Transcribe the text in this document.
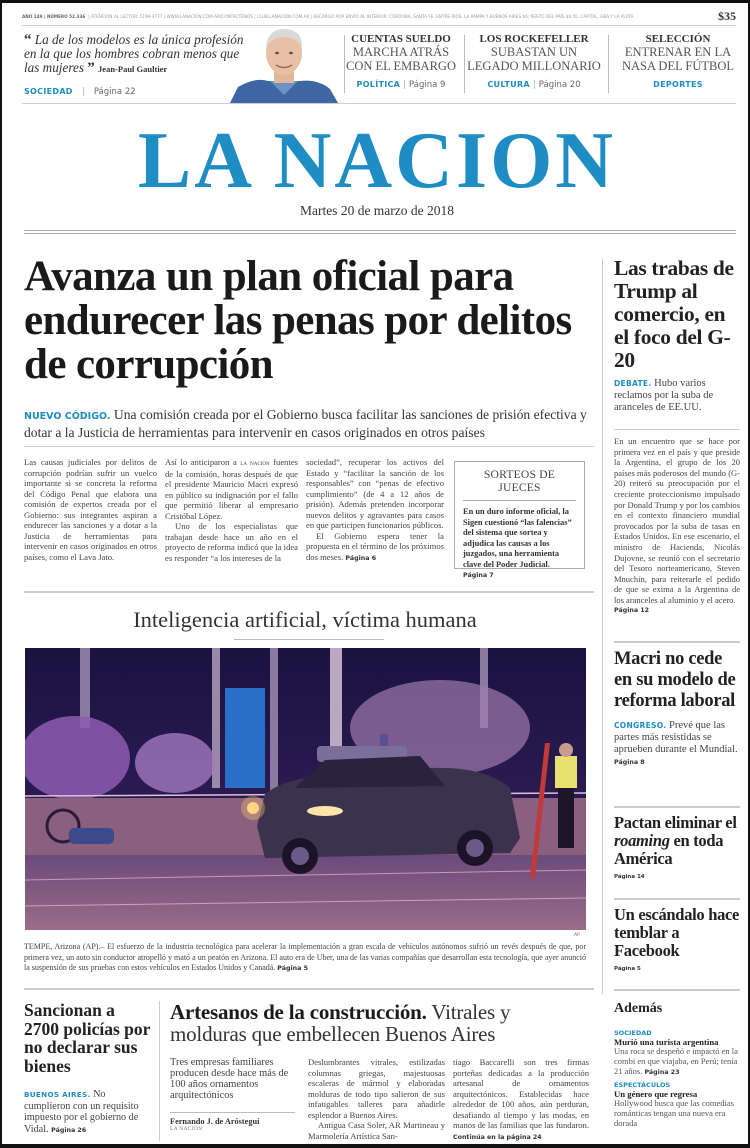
AÑO 149 | NÚMERO 52.336 | ATENCIÓN AL LECTOR: 5199-4777 | WWW.LANACION.COM.AR/CONTACTENOS | CLUB.LANACION.COM.AR | RECARGO POR ENVÍO AL INTERIOR: CÓRDOBA, SANTA FE, ENTRE RÍOS, LA PAMPA Y BUENOS AIRES $6; RESTO DEL PAÍS $6,50. CAPITAL, GBA Y LA PLATA	$35
“ La de los modelos es la única profesión en la que los hombres cobran menos que las mujeres ” Jean-Paul Gaultier
SOCIEDAD | Página 22
CUENTAS SUELDO
MARCHA ATRÁS CON EL EMBARGO
POLÍTICA | Página 9
LOS ROCKEFELLER
SUBASTAN UN LEGADO MILLONARIO
CULTURA | Página 20
SELECCIÓN
ENTRENAR EN LA NASA DEL FÚTBOL
DEPORTES
LA NACION
Martes 20 de marzo de 2018
Avanza un plan oficial para endurecer las penas por delitos de corrupción
NUEVO CÓDIGO. Una comisión creada por el Gobierno busca facilitar las sanciones de prisión efectiva y dotar a la Justicia de herramientas para intervenir en casos originados en otros países

Las causas judiciales por delitos de corrupción podrían sufrir un vuelco importante si se concreta la reforma del Código Penal que elabora una comisión de expertos creada por el Gobierno: sus integrantes aspiran a endurecer las sanciones y a dotar a la Justicia de herramientas para intervenir en casos originados en otros países, como el Lava Jato.

Así lo anticiparon a la nacion fuentes de la comisión, horas después de que el presidente Mauricio Macri expresó en público su indignación por el fallo que permitió liberar al empresario Cristóbal López.

Uno de los especialistas que trabajan desde hace un año en el proyecto de reforma indicó que la idea es responder “a los intereses de la

sociedad”, recuperar los activos del Estado y “facilitar la sanción de los responsables” con “penas de efectivo cumplimiento” (de 4 a 12 años de prisión). Además pretenden incorporar nuevos delitos y agravantes para casos en que participen funcionarios públicos.

El Gobierno espera tener la propuesta en el término de los próximos dos meses. Página 6

SORTEOS DE JUECES
En un duro informe oficial, la Sigen cuestionó “las falencias” del sistema que sortea y adjudica las causas a los juzgados, una herramienta clave del Poder Judicial. Página 7
Las trabas de Trump al comercio, en el foco del G-20
DEBATE. Hubo varios reclamos por la suba de aranceles de EE.UU.

En un encuentro que se hace por primera vez en el país y que preside la Argentina, el grupo de los 20 países más poderosos del mundo (G-20) reiteró su preocupación por el creciente proteccionismo impulsado por Donald Trump y por los cambios en el contexto financiero mundial provocados por la suba de tasas en Estados Unidos. En ese escenario, el ministro de Hacienda, Nicolás Dujovne, se reunió con el secretario del Tesoro norteamericano, Steven Mnuchin, para reiterarle el pedido de que se exima a la Argentina de los aranceles al aluminio y el acero.

Página 12

Macri no cede en su modelo de reforma laboral
CONGRESO. Prevé que las partes más resistidas se aprueben durante el Mundial. Página 8
Pactan eliminar el roaming en toda América
Página 14
Un escándalo hace temblar a Facebook
Página 5
Además
SOCIEDAD
Murió una turista argentina
Una roca se despeñó e impactó en la combi en que viajaba, en Perú; tenía 21 años. Página 23
ESPECTÁCULOS
Un género que regresa
Hollywood busca que las comedias románticas tengan una nueva era dorada
Inteligencia artificial, víctima humana
AP
TEMPE, Arizona (AP).– El esfuerzo de la industria tecnológica para acelerar la implementación a gran escala de vehículos autónomos sufrió un revés después de que, por primera vez, un auto sin conductor atropelló y mató a un peatón en Arizona. El auto era de Uber, una de las varias compañías que desarrollan esta tecnología, que ayer anunció la suspensión de sus pruebas con estos vehículos en Estados Unidos y Canadá. Página 5
Sancionan a 2700 policías por no declarar sus bienes
BUENOS AIRES. No cumplieron con un requisito impuesto por el gobierno de Vidal. Página 26
Artesanos de la construcción. Vitrales y molduras que embellecen Buenos Aires
Tres empresas familiares producen desde hace más de 100 años ornamentos arquitectónicos
Fernando J. de Aróstegui
LA NACION

Deslumbrantes vitrales, estilizadas columnas griegas, majestuosas escaleras de mármol y elaboradas molduras de todo tipo salieron de sus infatigables talleres para añadirle esplendor a Buenos Aires.

Antigua Casa Soler, AR Martineau y Marmolería Artística San-

tiago Baccarelli son tres firmas porteñas dedicadas a la producción artesanal de ornamentos arquitectónicos. Establecidas hace alrededor de 100 años, aún perduran, desafiando al tiempo y las modas, en manos de las familias que las fundaron. Continúa en la página 24
